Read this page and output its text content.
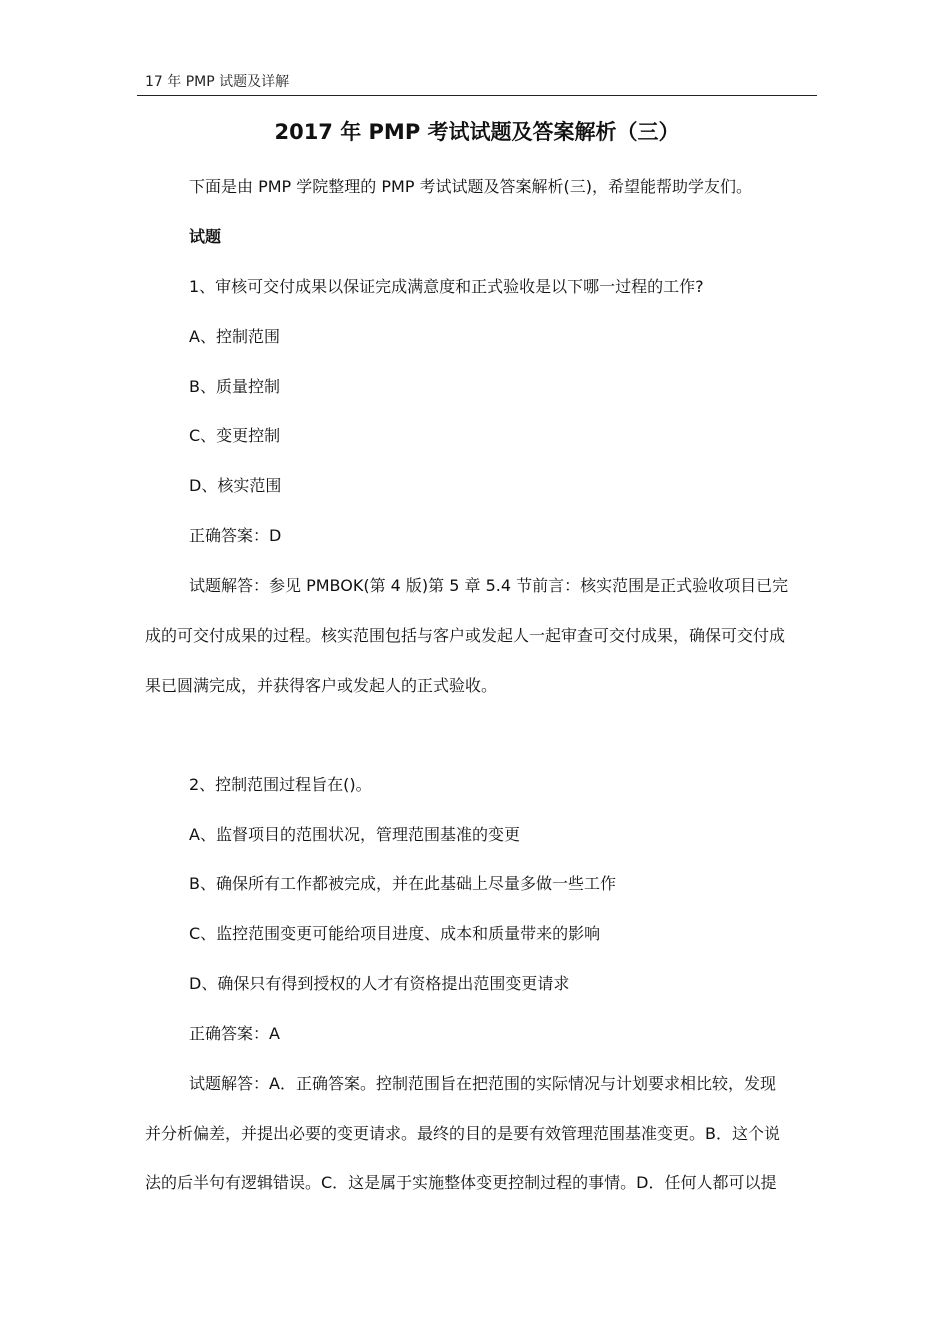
17 年 PMP 试题及详解
2017 年 PMP 考试试题及答案解析（三）
下面是由 PMP 学院整理的 PMP 考试试题及答案解析(三)，希望能帮助学友们。
试题
1、审核可交付成果以保证完成满意度和正式验收是以下哪一过程的工作?
A、控制范围
B、质量控制
C、变更控制
D、核实范围
正确答案：D
试题解答：参见 PMBOK(第 4 版)第 5 章 5.4 节前言：核实范围是正式验收项目已完
成的可交付成果的过程。核实范围包括与客户或发起人一起审查可交付成果，确保可交付成
果已圆满完成，并获得客户或发起人的正式验收。
2、控制范围过程旨在()。
A、监督项目的范围状况，管理范围基准的变更
B、确保所有工作都被完成，并在此基础上尽量多做一些工作
C、监控范围变更可能给项目进度、成本和质量带来的影响
D、确保只有得到授权的人才有资格提出范围变更请求
正确答案：A
试题解答：A．正确答案。控制范围旨在把范围的实际情况与计划要求相比较，发现
并分析偏差，并提出必要的变更请求。最终的目的是要有效管理范围基准变更。B．这个说
法的后半句有逻辑错误。C．这是属于实施整体变更控制过程的事情。D．任何人都可以提
